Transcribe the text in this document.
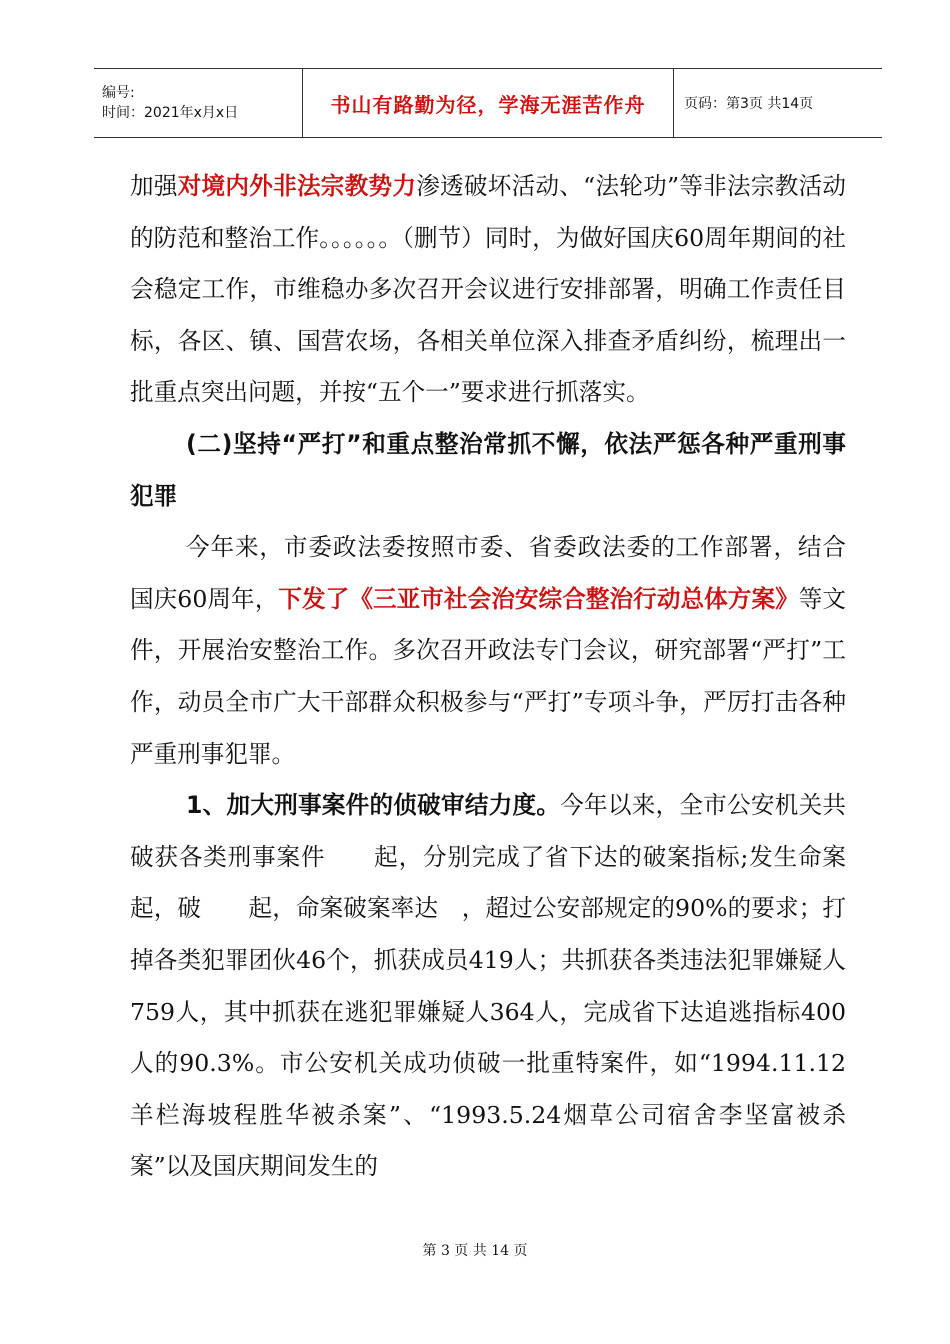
编号:
时间：2021年x月x日	书山有路勤为径，学海无涯苦作舟	页码：第3页 共14页
加强对境内外非法宗教势力渗透破坏活动、“法轮功”等非法宗教活动的防范和整治工作。。。。。。（删节）同时，为做好国庆60周年期间的社会稳定工作，市维稳办多次召开会议进行安排部署，明确工作责任目标，各区、镇、国营农场，各相关单位深入排查矛盾纠纷，梳理出一批重点突出问题，并按“五个一”要求进行抓落实。
(二)坚持“严打”和重点整治常抓不懈，依法严惩各种严重刑事犯罪
今年来，市委政法委按照市委、省委政法委的工作部署，结合国庆60周年，下发了《三亚市社会治安综合整治行动总体方案》等文件，开展治安整治工作。多次召开政法专门会议，研究部署“严打”工作，动员全市广大干部群众积极参与“严打”专项斗争，严厉打击各种严重刑事犯罪。
1、加大刑事案件的侦破审结力度。今年以来，全市公安机关共破获各类刑事案件　　起，分别完成了省下达的破案指标;发生命案　起，破　　起，命案破案率达　，超过公安部规定的90%的要求；打掉各类犯罪团伙46个，抓获成员419人；共抓获各类违法犯罪嫌疑人759人，其中抓获在逃犯罪嫌疑人364人，完成省下达追逃指标400人的90.3%。市公安机关成功侦破一批重特案件，如“1994.11.12羊栏海坡程胜华被杀案”、“1993.5.24烟草公司宿舍李坚富被杀案”以及国庆期间发生的
第 3 页 共 14 页
